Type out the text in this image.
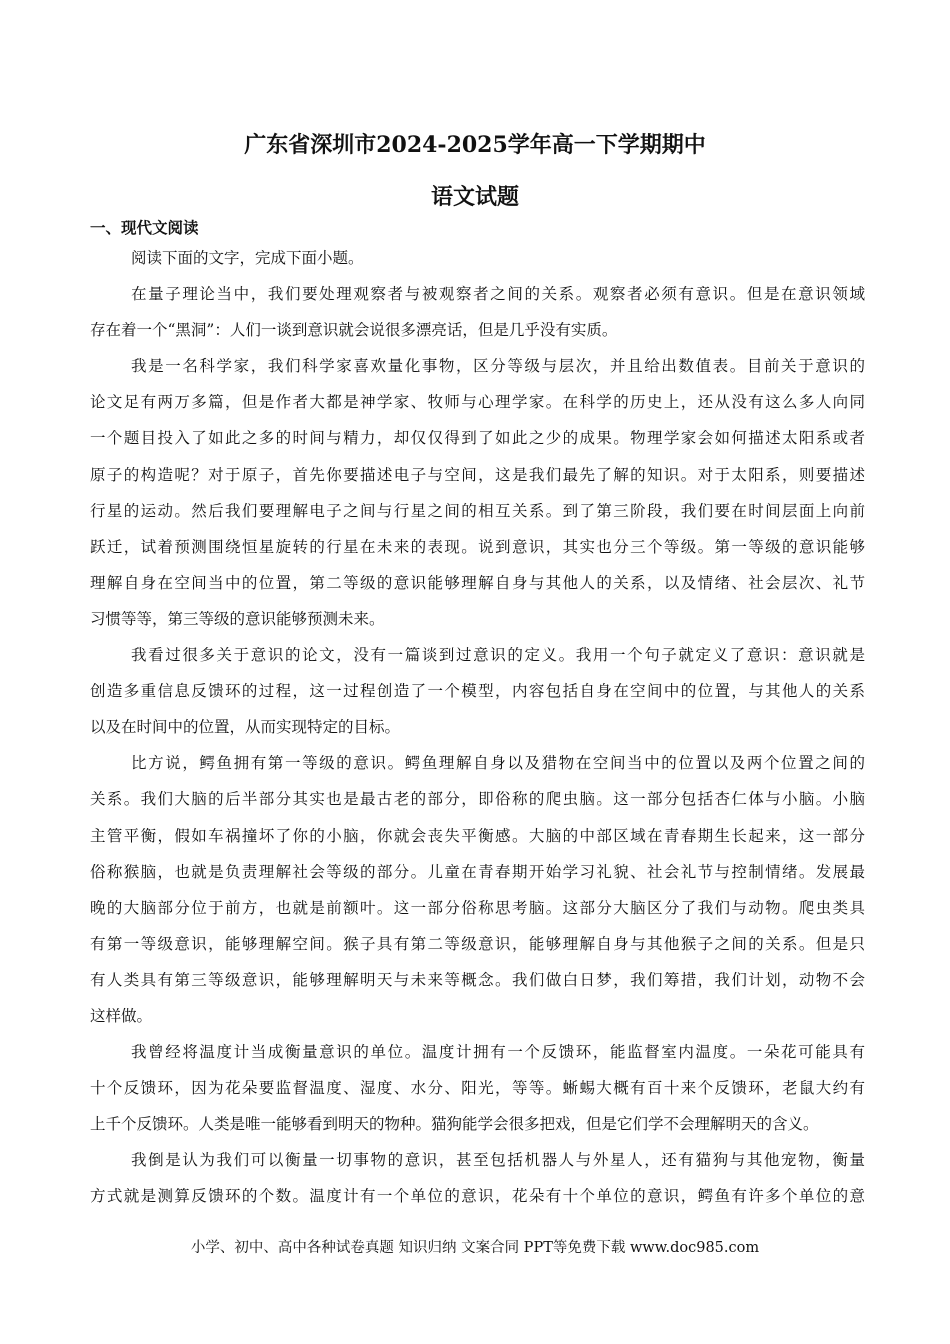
广东省深圳市2024-2025学年高一下学期期中
语文试题
一、现代文阅读

阅读下面的文字，完成下面小题。

在量子理论当中，我们要处理观察者与被观察者之间的关系。观察者必须有意识。但是在意识领域
存在着一个“黑洞”：人们一谈到意识就会说很多漂亮话，但是几乎没有实质。

我是一名科学家，我们科学家喜欢量化事物，区分等级与层次，并且给出数值表。目前关于意识的
论文足有两万多篇，但是作者大都是神学家、牧师与心理学家。在科学的历史上，还从没有这么多人向同
一个题目投入了如此之多的时间与精力，却仅仅得到了如此之少的成果。物理学家会如何描述太阳系或者
原子的构造呢？对于原子，首先你要描述电子与空间，这是我们最先了解的知识。对于太阳系，则要描述
行星的运动。然后我们要理解电子之间与行星之间的相互关系。到了第三阶段，我们要在时间层面上向前
跃迁，试着预测围绕恒星旋转的行星在未来的表现。说到意识，其实也分三个等级。第一等级的意识能够
理解自身在空间当中的位置，第二等级的意识能够理解自身与其他人的关系，以及情绪、社会层次、礼节
习惯等等，第三等级的意识能够预测未来。

我看过很多关于意识的论文，没有一篇谈到过意识的定义。我用一个句子就定义了意识：意识就是
创造多重信息反馈环的过程，这一过程创造了一个模型，内容包括自身在空间中的位置，与其他人的关系
以及在时间中的位置，从而实现特定的目标。

比方说，鳄鱼拥有第一等级的意识。鳄鱼理解自身以及猎物在空间当中的位置以及两个位置之间的
关系。我们大脑的后半部分其实也是最古老的部分，即俗称的爬虫脑。这一部分包括杏仁体与小脑。小脑
主管平衡，假如车祸撞坏了你的小脑，你就会丧失平衡感。大脑的中部区域在青春期生长起来，这一部分
俗称猴脑，也就是负责理解社会等级的部分。儿童在青春期开始学习礼貌、社会礼节与控制情绪。发展最
晚的大脑部分位于前方，也就是前额叶。这一部分俗称思考脑。这部分大脑区分了我们与动物。爬虫类具
有第一等级意识，能够理解空间。猴子具有第二等级意识，能够理解自身与其他猴子之间的关系。但是只
有人类具有第三等级意识，能够理解明天与未来等概念。我们做白日梦，我们筹措，我们计划，动物不会
这样做。

我曾经将温度计当成衡量意识的单位。温度计拥有一个反馈环，能监督室内温度。一朵花可能具有
十个反馈环，因为花朵要监督温度、湿度、水分、阳光，等等。蜥蜴大概有百十来个反馈环，老鼠大约有
上千个反馈环。人类是唯一能够看到明天的物种。猫狗能学会很多把戏，但是它们学不会理解明天的含义。

我倒是认为我们可以衡量一切事物的意识，甚至包括机器人与外星人，还有猫狗与其他宠物，衡量
方式就是测算反馈环的个数。温度计有一个单位的意识，花朵有十个单位的意识，鳄鱼有许多个单位的意

小学、初中、高中各种试卷真题 知识归纳 文案合同 PPT等免费下载 www.doc985.com
